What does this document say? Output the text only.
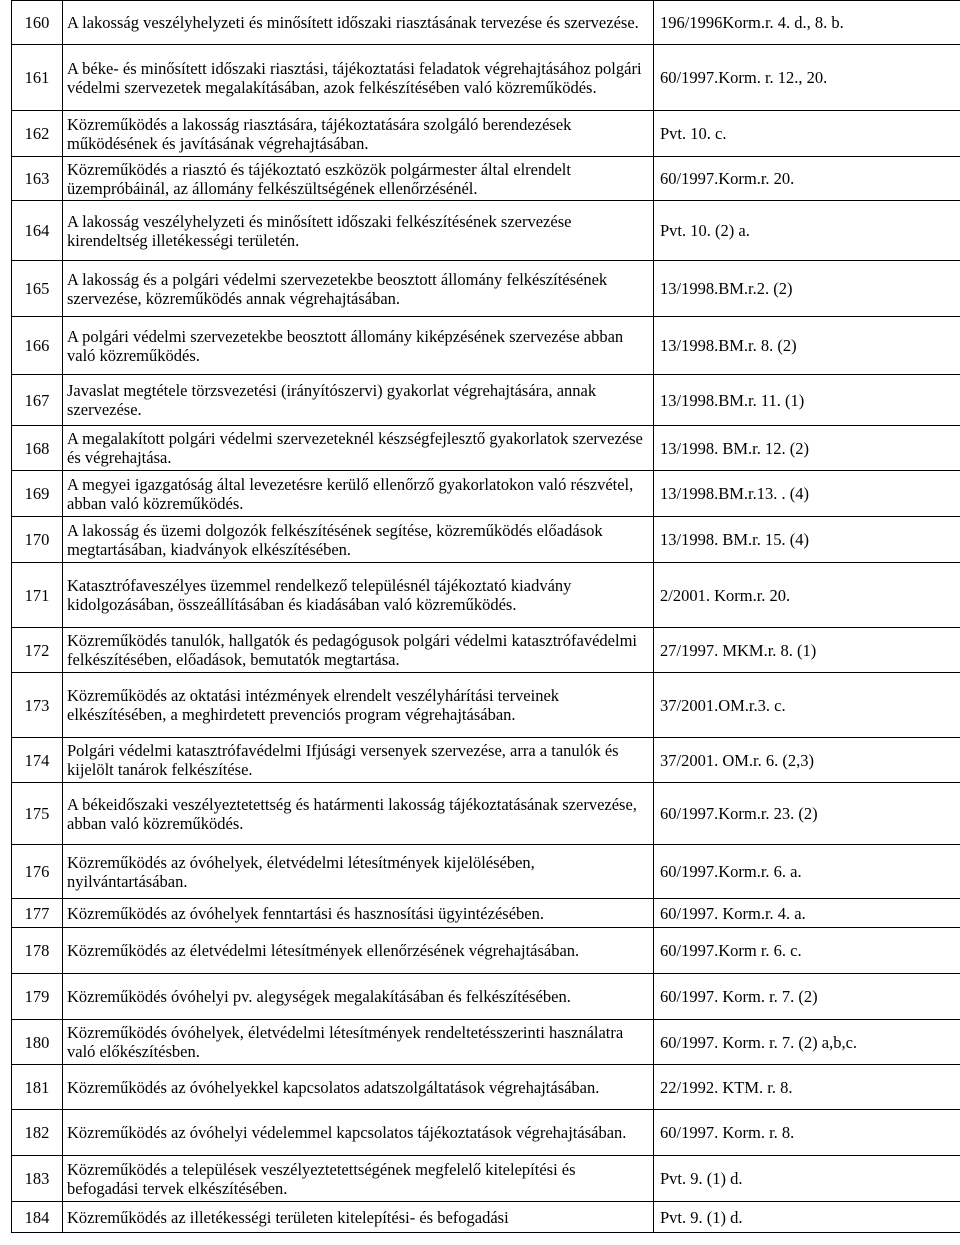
160	A lakosság veszélyhelyzeti és minősített időszaki riasztásának tervezése és szervezése.	196/1996Korm.r. 4. d., 8. b.
161	A béke- és minősített időszaki riasztási, tájékoztatási feladatok végrehajtásához polgári védelmi szervezetek megalakításában, azok felkészítésében való közreműködés.	60/1997.Korm. r. 12., 20.
162	Közreműködés a lakosság riasztására, tájékoztatására szolgáló berendezések működésének és javításának végrehajtásában.	Pvt. 10. c.
163	Közreműködés a riasztó és tájékoztató eszközök polgármester által elrendelt üzempróbáinál, az állomány felkészültségének ellenőrzésénél.	60/1997.Korm.r. 20.
164	A lakosság veszélyhelyzeti és minősített időszaki felkészítésének szervezése kirendeltség illetékességi területén.	Pvt. 10. (2) a.
165	A lakosság és a polgári védelmi szervezetekbe beosztott állomány felkészítésének szervezése, közreműködés annak végrehajtásában.	13/1998.BM.r.2. (2)
166	A polgári védelmi szervezetekbe beosztott állomány kiképzésének szervezése abban való közreműködés.	13/1998.BM.r. 8. (2)
167	Javaslat megtétele törzsvezetési (irányítószervi) gyakorlat végrehajtására, annak szervezése.	13/1998.BM.r. 11. (1)
168	A megalakított polgári védelmi szervezeteknél készségfejlesztő gyakorlatok szervezése és végrehajtása.	13/1998. BM.r. 12. (2)
169	A megyei igazgatóság által levezetésre kerülő ellenőrző gyakorlatokon való részvétel, abban való közreműködés.	13/1998.BM.r.13. . (4)
170	A lakosság és üzemi dolgozók felkészítésének segítése, közreműködés előadások megtartásában, kiadványok elkészítésében.	13/1998. BM.r. 15. (4)
171	Katasztrófaveszélyes üzemmel rendelkező településnél tájékoztató kiadvány kidolgozásában, összeállításában és kiadásában való közreműködés.	2/2001. Korm.r. 20.
172	Közreműködés tanulók, hallgatók és pedagógusok polgári védelmi katasztrófavédelmi felkészítésében, előadások, bemutatók megtartása.	27/1997. MKM.r. 8. (1)
173	Közreműködés az oktatási intézmények elrendelt veszélyhárítási terveinek elkészítésében, a meghirdetett prevenciós program végrehajtásában.	37/2001.OM.r.3. c.
174	Polgári védelmi katasztrófavédelmi Ifjúsági versenyek szervezése, arra a tanulók és kijelölt tanárok felkészítése.	37/2001. OM.r. 6. (2,3)
175	A békeidőszaki veszélyeztetettség és határmenti lakosság tájékoztatásának szervezése, abban való közreműködés.	60/1997.Korm.r. 23. (2)
176	Közreműködés az óvóhelyek, életvédelmi létesítmények kijelölésében, nyilvántartásában.	60/1997.Korm.r. 6. a.
177	Közreműködés az óvóhelyek fenntartási és hasznosítási ügyintézésében.	60/1997. Korm.r. 4. a.
178	Közreműködés az életvédelmi létesítmények ellenőrzésének végrehajtásában.	60/1997.Korm r. 6. c.
179	Közreműködés óvóhelyi pv. alegységek megalakításában és felkészítésében.	60/1997. Korm. r. 7. (2)
180	Közreműködés óvóhelyek, életvédelmi létesítmények rendeltetésszerinti használatra való előkészítésben.	60/1997. Korm. r. 7. (2) a,b,c.
181	Közreműködés az óvóhelyekkel kapcsolatos adatszolgáltatások végrehajtásában.	22/1992. KTM. r. 8.
182	Közreműködés az óvóhelyi védelemmel kapcsolatos tájékoztatások végrehajtásában.	60/1997. Korm. r. 8.
183	Közreműködés a települések veszélyeztetettségének megfelelő kitelepítési és befogadási tervek elkészítésében.	Pvt. 9. (1) d.
184	Közreműködés az illetékességi területen kitelepítési- és befogadási	Pvt. 9. (1) d.
